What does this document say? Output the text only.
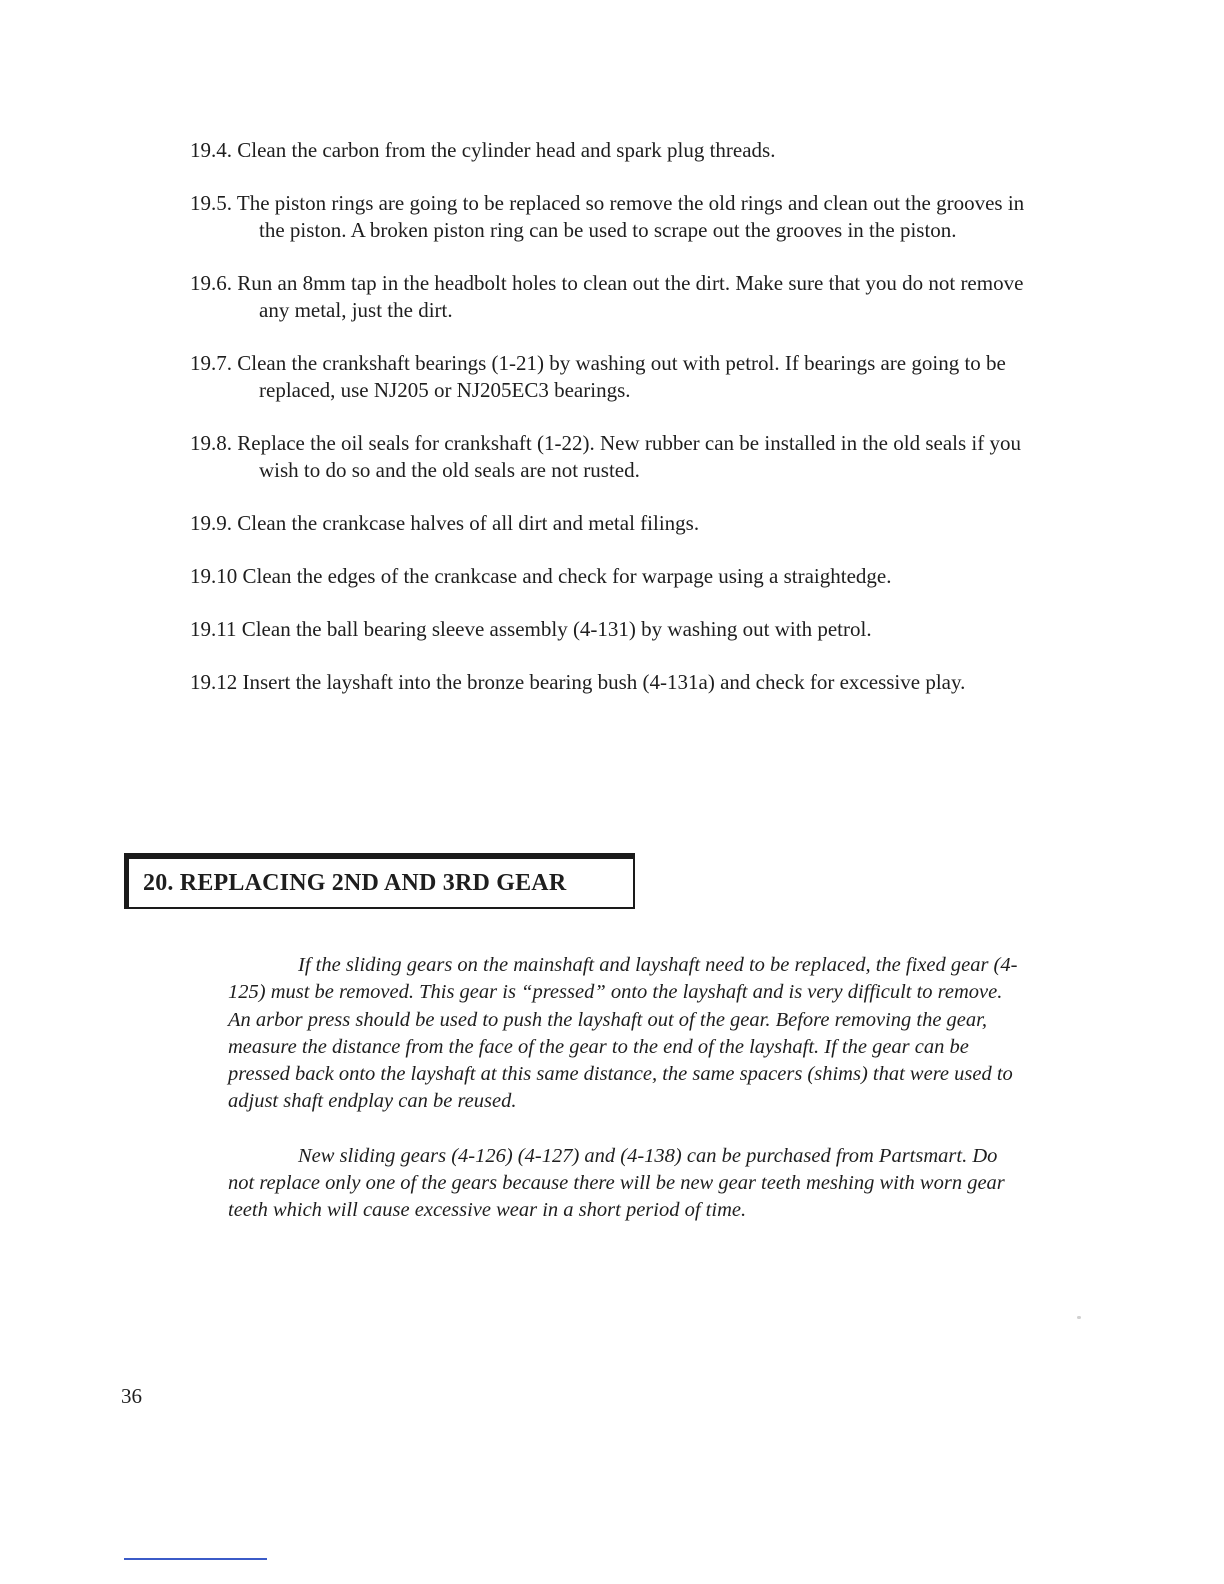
19.4. Clean the carbon from the cylinder head and spark plug threads.
19.5. The piston rings are going to be replaced so remove the old rings and clean out the grooves in the piston. A broken piston ring can be used to scrape out the grooves in the piston.
19.6. Run an 8mm tap in the headbolt holes to clean out the dirt. Make sure that you do not remove any metal, just the dirt.
19.7. Clean the crankshaft bearings (1-21) by washing out with petrol. If bearings are going to be replaced, use NJ205 or NJ205EC3 bearings.
19.8. Replace the oil seals for crankshaft (1-22). New rubber can be installed in the old seals if you wish to do so and the old seals are not rusted.
19.9. Clean the crankcase halves of all dirt and metal filings.
19.10 Clean the edges of the crankcase and check for warpage using a straightedge.
19.11 Clean the ball bearing sleeve assembly (4-131) by washing out with petrol.
19.12 Insert the layshaft into the bronze bearing bush (4-131a) and check for excessive play.
20. REPLACING 2ND AND 3RD GEAR

If the sliding gears on the mainshaft and layshaft need to be replaced, the fixed gear (4-125) must be removed. This gear is “pressed” onto the layshaft and is very difficult to remove. An arbor press should be used to push the layshaft out of the gear. Before removing the gear, measure the distance from the face of the gear to the end of the layshaft. If the gear can be pressed back onto the layshaft at this same distance, the same spacers (shims) that were used to adjust shaft endplay can be reused.

New sliding gears (4-126) (4-127) and (4-138) can be purchased from Partsmart. Do not replace only one of the gears because there will be new gear teeth meshing with worn gear teeth which will cause excessive wear in a short period of time.

36
